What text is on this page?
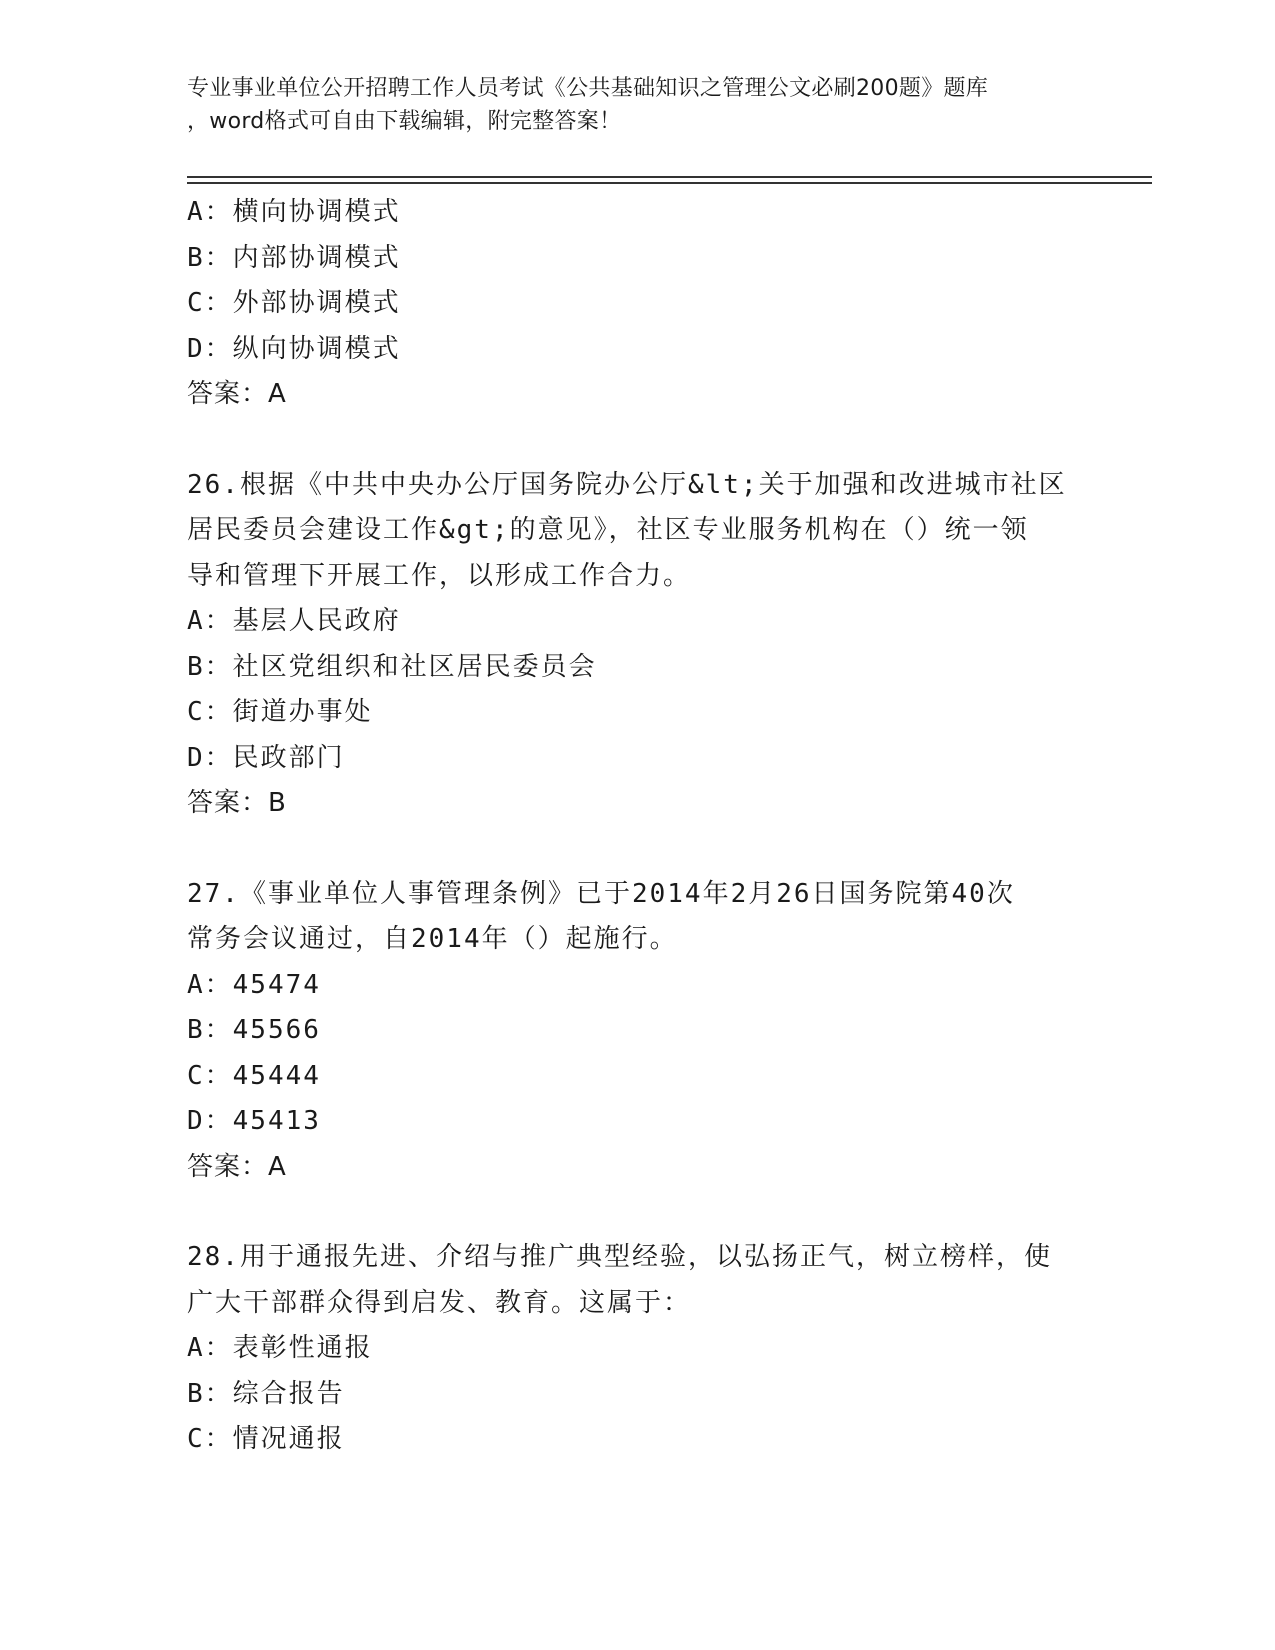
专业事业单位公开招聘工作人员考试《公共基础知识之管理公文必刷200题》题库
，word格式可自由下载编辑，附完整答案！
A：横向协调模式
B：内部协调模式
C：外部协调模式
D：纵向协调模式
答案：A
26.根据《中共中央办公厅国务院办公厅&lt;关于加强和改进城市社区
居民委员会建设工作&gt;的意见》，社区专业服务机构在（）统一领
导和管理下开展工作，以形成工作合力。
A：基层人民政府
B：社区党组织和社区居民委员会
C：街道办事处
D：民政部门
答案：B
27.《事业单位人事管理条例》已于2014年2月26日国务院第40次
常务会议通过，自2014年（）起施行。
A：45474
B：45566
C：45444
D：45413
答案：A
28.用于通报先进、介绍与推广典型经验，以弘扬正气，树立榜样，使
广大干部群众得到启发、教育。这属于：
A：表彰性通报
B：综合报告
C：情况通报
